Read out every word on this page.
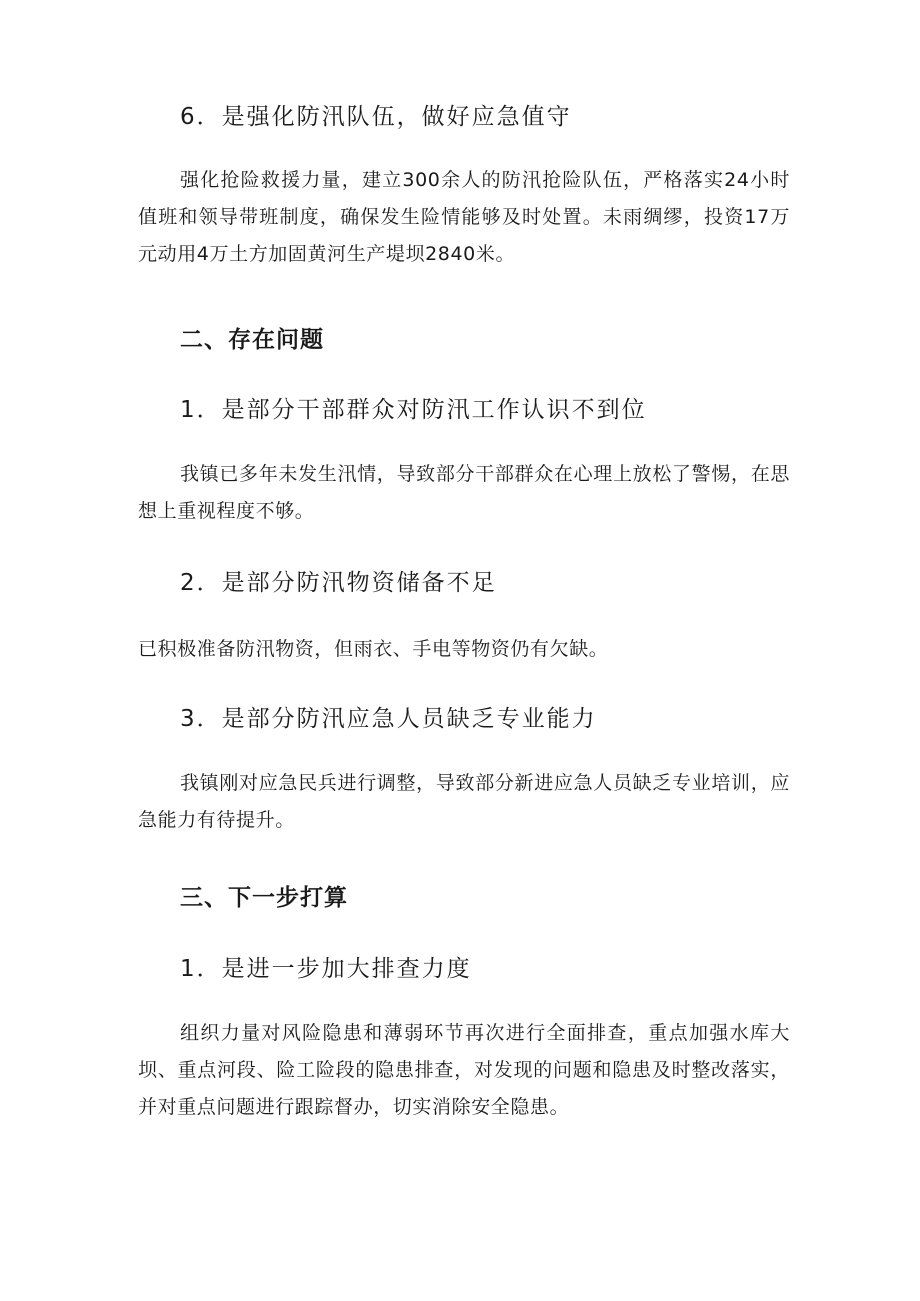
6．是强化防汛队伍，做好应急值守

强化抢险救援力量，建立300余人的防汛抢险队伍，严格落实24小时值班和领导带班制度，确保发生险情能够及时处置。未雨绸缪，投资17万元动用4万土方加固黄河生产堤坝2840米。

二、存在问题

1．是部分干部群众对防汛工作认识不到位

我镇已多年未发生汛情，导致部分干部群众在心理上放松了警惕，在思想上重视程度不够。

2．是部分防汛物资储备不足

已积极准备防汛物资，但雨衣、手电等物资仍有欠缺。

3．是部分防汛应急人员缺乏专业能力

我镇刚对应急民兵进行调整，导致部分新进应急人员缺乏专业培训，应急能力有待提升。

三、下一步打算

1．是进一步加大排查力度

组织力量对风险隐患和薄弱环节再次进行全面排查，重点加强水库大坝、重点河段、险工险段的隐患排查，对发现的问题和隐患及时整改落实，并对重点问题进行跟踪督办，切实消除安全隐患。
